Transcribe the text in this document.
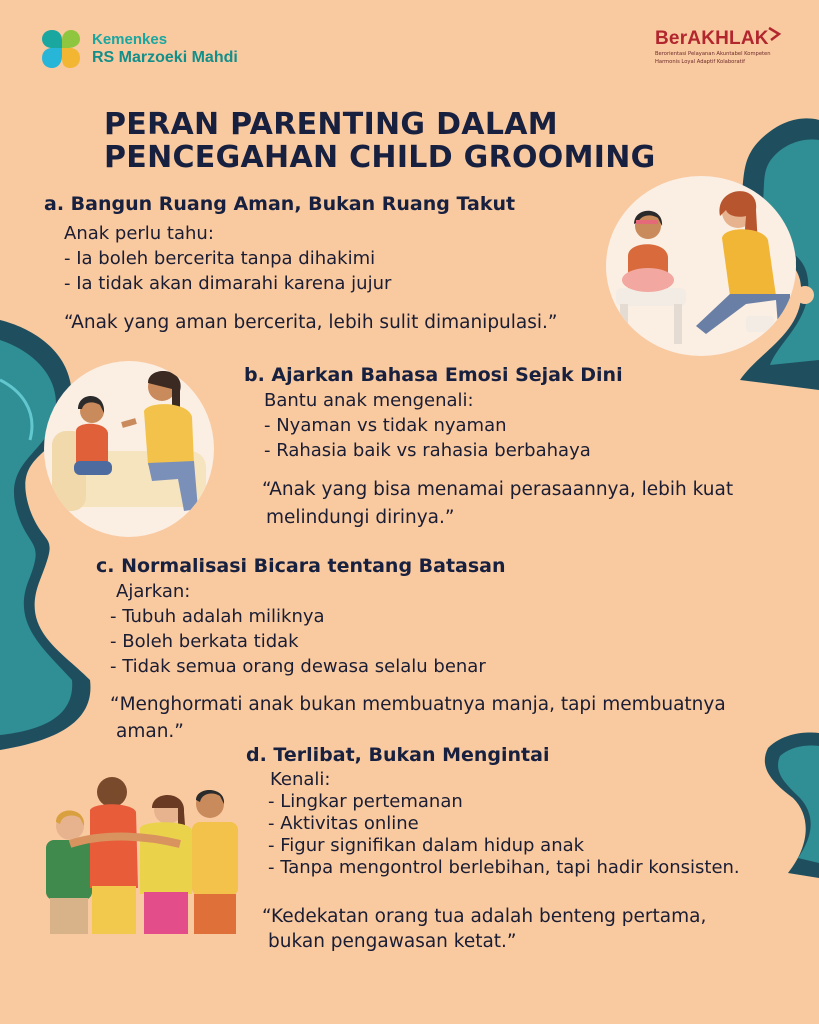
Kemenkes
RS Marzoeki Mahdi
BerAKHLAK
Berorientasi Pelayanan Akuntabel Kompeten
Harmonis Loyal Adaptif Kolaboratif
PERAN PARENTING DALAM
PENCEGAHAN CHILD GROOMING
a. Bangun Ruang Aman, Bukan Ruang Takut
Anak perlu tahu:
- Ia boleh bercerita tanpa dihakimi
- Ia tidak akan dimarahi karena jujur
“Anak yang aman bercerita, lebih sulit dimanipulasi.”
b. Ajarkan Bahasa Emosi Sejak Dini
Bantu anak mengenali:
- Nyaman vs tidak nyaman
- Rahasia baik vs rahasia berbahaya
“Anak yang bisa menamai perasaannya, lebih kuat
melindungi dirinya.”
c. Normalisasi Bicara tentang Batasan
Ajarkan:
- Tubuh adalah miliknya
- Boleh berkata tidak
- Tidak semua orang dewasa selalu benar
“Menghormati anak bukan membuatnya manja, tapi membuatnya
aman.”
d. Terlibat, Bukan Mengintai
Kenali:
- Lingkar pertemanan
- Aktivitas online
- Figur signifikan dalam hidup anak
- Tanpa mengontrol berlebihan, tapi hadir konsisten.
“Kedekatan orang tua adalah benteng pertama,
bukan pengawasan ketat.”
